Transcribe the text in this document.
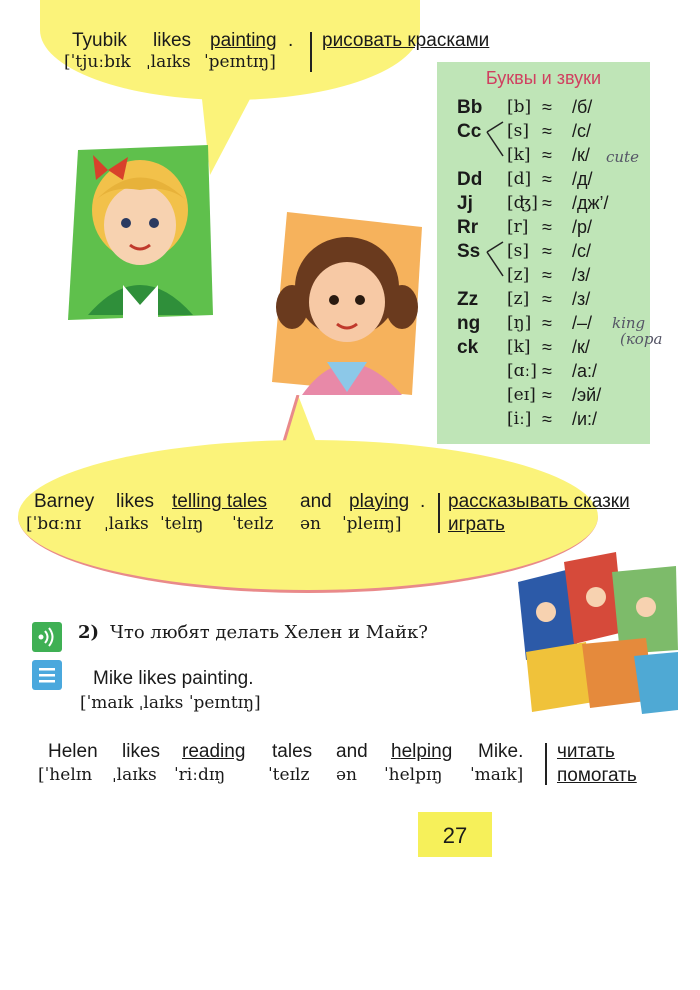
Tyubik likes painting . рисовать красками
[ˈtjuːbɪk ˌlaɪks ˈpeɪntɪŋ]
Буквы и звуки
Bb [b] ≈ /б/
Cc [s] ≈ /с/
[k] ≈ /к/
Dd [d] ≈ /д/
Jj [ʤ] ≈ /дж’/
Rr [r] ≈ /р/
Ss [s] ≈ /с/
[z] ≈ /з/
Zz [z] ≈ /з/
ng [ŋ] ≈ /–/
ck [k] ≈ /к/
[ɑː] ≈ /а:/
[eɪ] ≈ /эй/
[iː] ≈ /и:/
cute
king
(кора
Barney likes telling tales and playing . рассказывать сказки
[ˈbɑːnɪ ˌlaɪks ˈtelɪŋ ˈteɪlz ən ˈpleɪɪŋ] играть
2) Что любят делать Хелен и Майк?
Mike likes painting.
[ˈmaɪk ˌlaɪks ˈpeɪntɪŋ]
Helen likes reading tales and helping Mike. читать
[ˈhelɪn ˌlaɪks ˈriːdɪŋ	ˈteɪlz ən ˈhelpɪŋ ˈmaɪk] помогать
27
